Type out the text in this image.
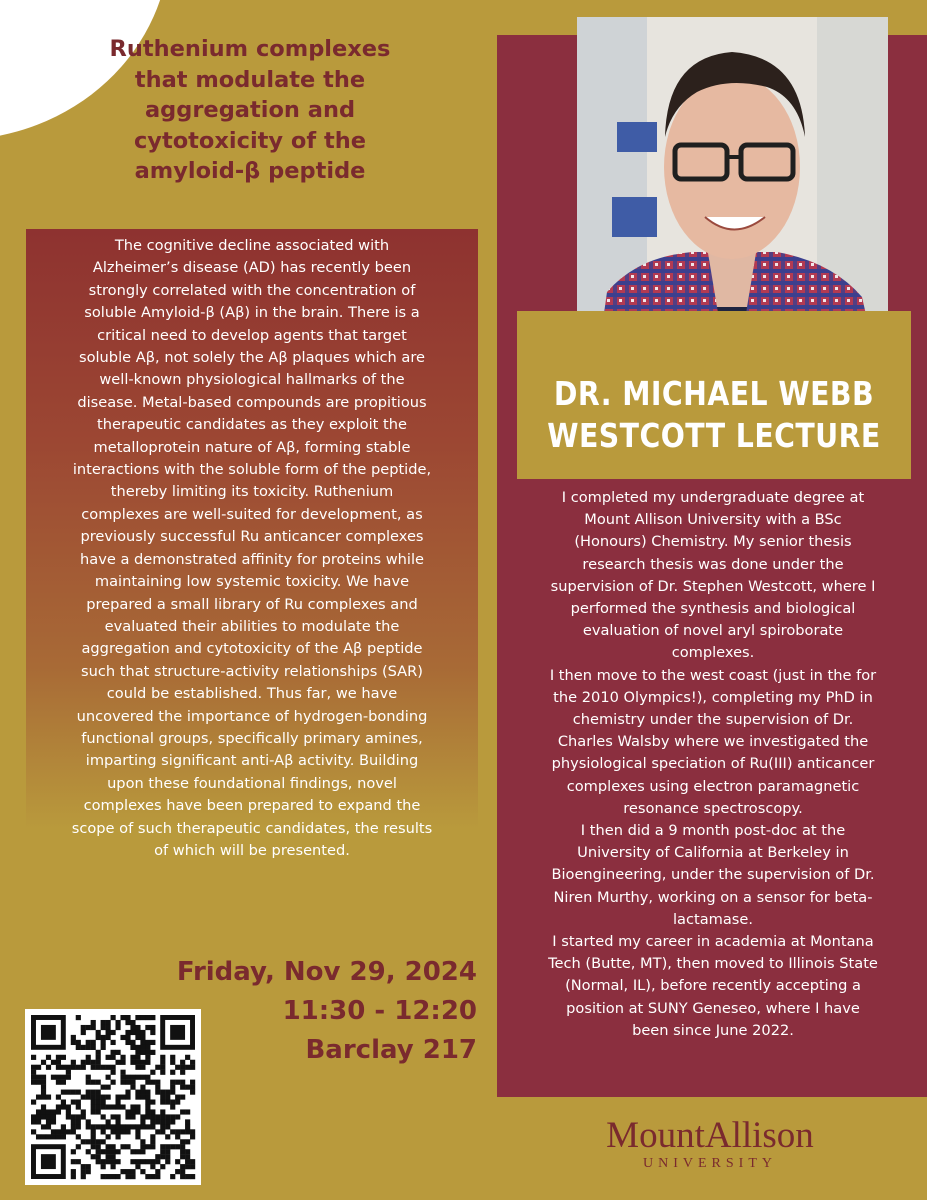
Ruthenium complexes
that modulate the
aggregation and
cytotoxicity of the
amyloid-β peptide
The cognitive decline associated with
Alzheimer’s disease (AD) has recently been
strongly correlated with the concentration of
soluble Amyloid-β (Aβ) in the brain. There is a
critical need to develop agents that target
soluble Aβ, not solely the Aβ plaques which are
well-known physiological hallmarks of the
disease. Metal-based compounds are propitious
therapeutic candidates as they exploit the
metalloprotein nature of Aβ, forming stable
interactions with the soluble form of the peptide,
thereby limiting its toxicity. Ruthenium
complexes are well-suited for development, as
previously successful Ru anticancer complexes
have a demonstrated affinity for proteins while
maintaining low systemic toxicity. We have
prepared a small library of Ru complexes and
evaluated their abilities to modulate the
aggregation and cytotoxicity of the Aβ peptide
such that structure-activity relationships (SAR)
could be established. Thus far, we have
uncovered the importance of hydrogen-bonding
functional groups, specifically primary amines,
imparting significant anti-Aβ activity. Building
upon these foundational findings, novel
complexes have been prepared to expand the
scope of such therapeutic candidates, the results
of which will be presented.
Friday, Nov 29, 2024
11:30 - 12:20
Barclay 217
DR. MICHAEL WEBB
WESTCOTT LECTURE
I completed my undergraduate degree at
Mount Allison University with a BSc
(Honours) Chemistry. My senior thesis
research thesis was done under the
supervision of Dr. Stephen Westcott, where I
performed the synthesis and biological
evaluation of novel aryl spiroborate
complexes.
I then move to the west coast (just in the for
the 2010 Olympics!), completing my PhD in
chemistry under the supervision of Dr.
Charles Walsby where we investigated the
physiological speciation of Ru(III) anticancer
complexes using electron paramagnetic
resonance spectroscopy.
I then did a 9 month post-doc at the
University of California at Berkeley in
Bioengineering, under the supervision of Dr.
Niren Murthy, working on a sensor for beta-
lactamase.
I started my career in academia at Montana
Tech (Butte, MT), then moved to Illinois State
(Normal, IL), before recently accepting a
position at SUNY Geneseo, where I have
been since June 2022.
MountAllison
UNIVERSITY
